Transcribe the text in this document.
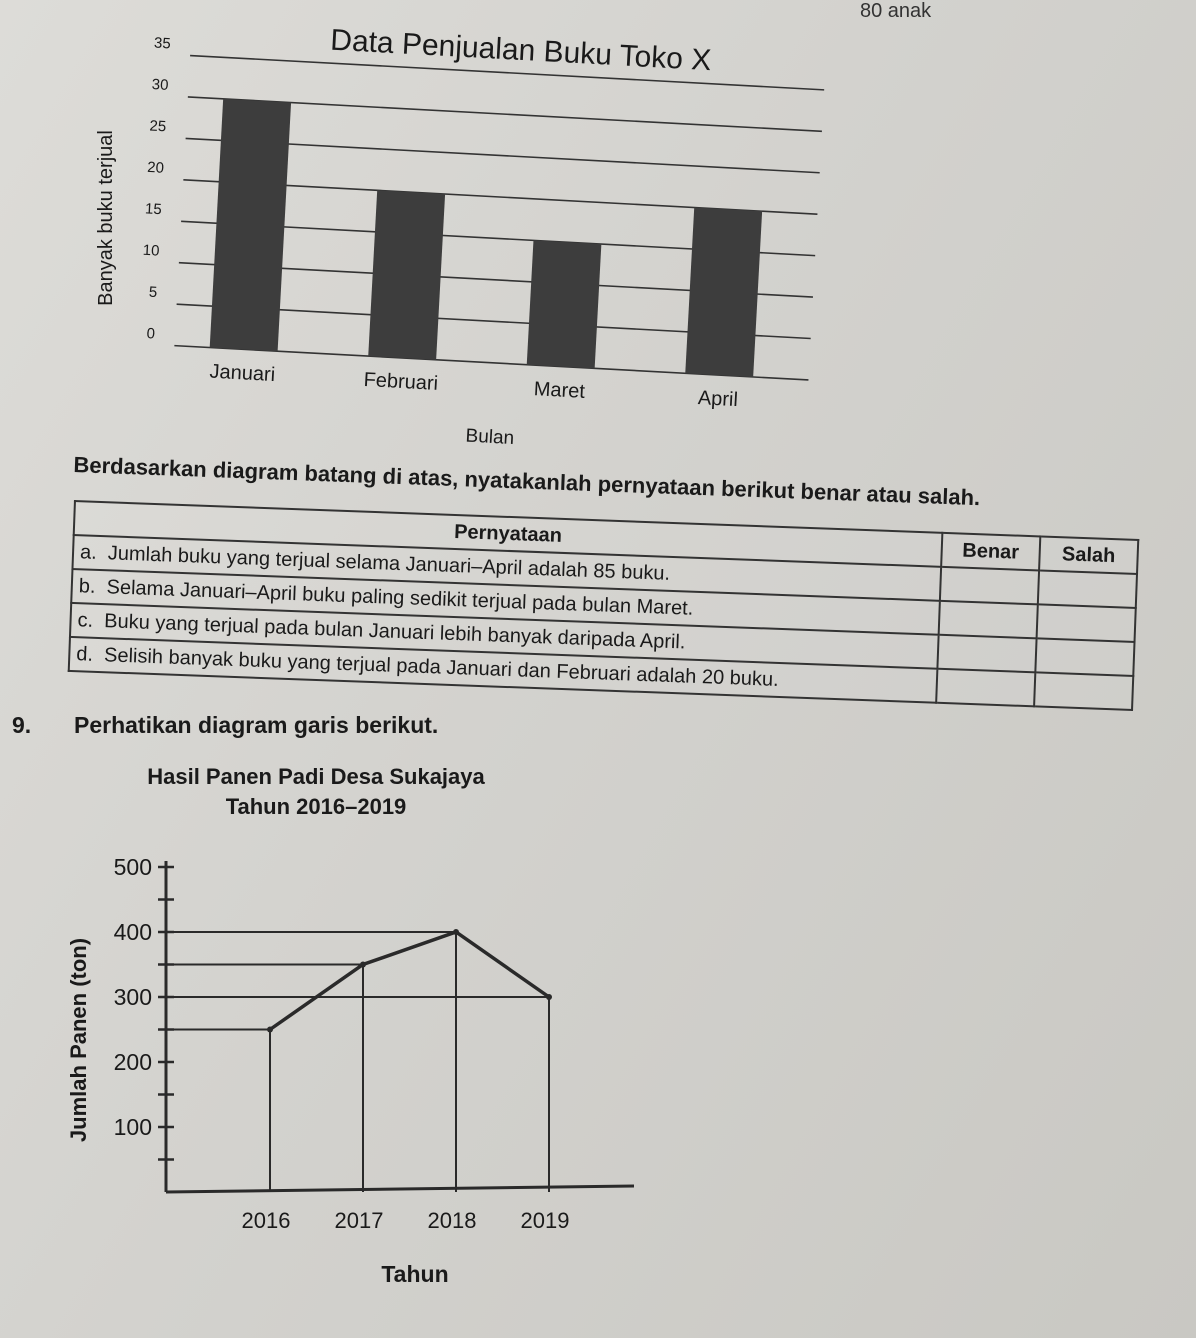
80 anak
Data Penjualan Buku Toko X
0
5
10
15
20
25
30
35
Januari	Februari	Maret	April
Bulan
Banyak buku terjual
Berdasarkan diagram batang di atas, nyatakanlah pernyataan berikut benar atau salah.
Pernyataan	Benar	Salah
a. Jumlah buku yang terjual selama Januari–April adalah 85 buku.		
b. Selama Januari–April buku paling sedikit terjual pada bulan Maret.		
c. Buku yang terjual pada bulan Januari lebih banyak daripada April.		
d. Selisih banyak buku yang terjual pada Januari dan Februari adalah 20 buku.		
9. Perhatikan diagram garis berikut.
Hasil Panen Padi Desa Sukajaya
Tahun 2016–2019
100
200
300
400
500
2016 2017 2018 2019
Tahun
Jumlah Panen (ton)
